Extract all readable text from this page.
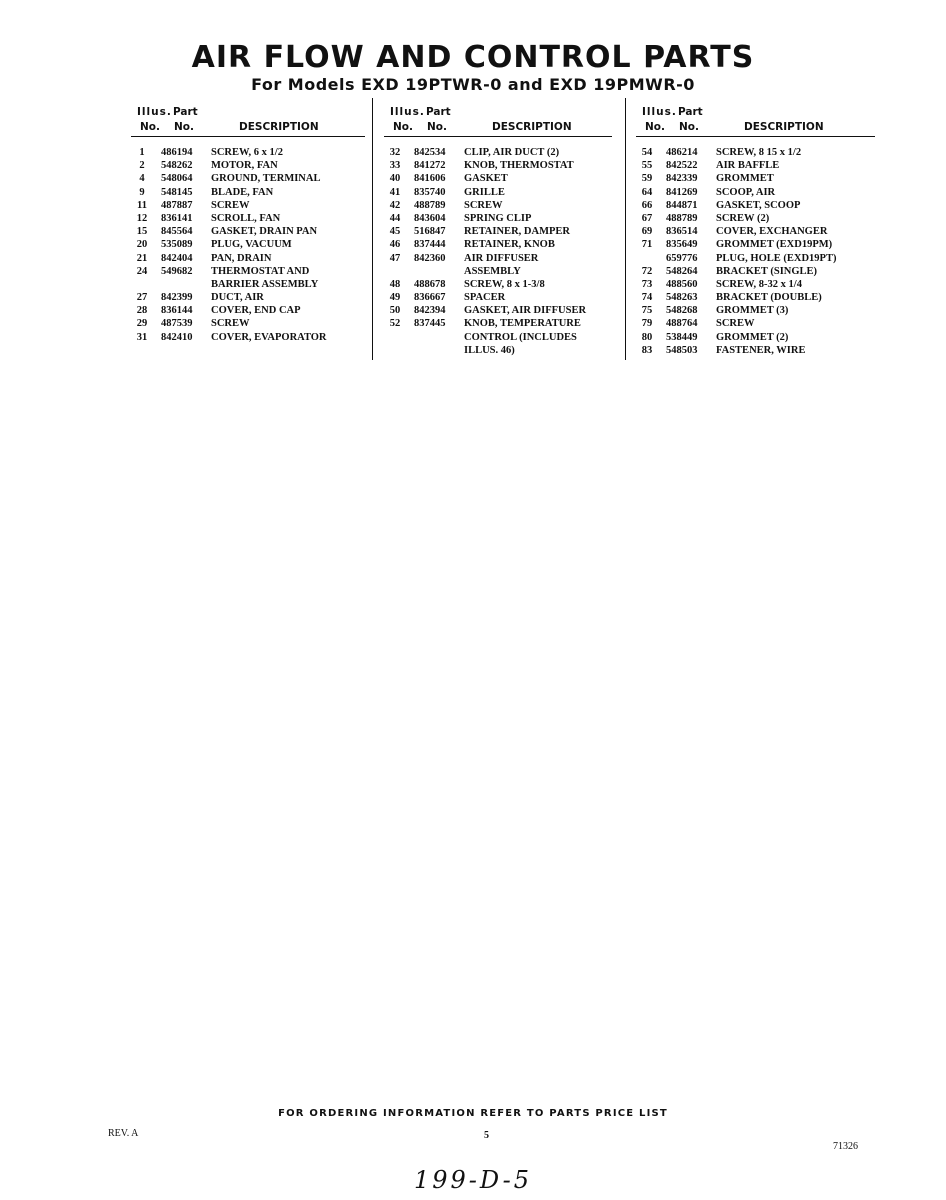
AIR FLOW AND CONTROL PARTS
For Models EXD 19PTWR-0 and EXD 19PMWR-0
Illus. Part
No. No.	DESCRIPTION
1	486194 SCREW, 6 x 1/2
2	548262 MOTOR, FAN
4	548064 GROUND, TERMINAL
9	548145 BLADE, FAN
11	487887 SCREW
12	836141 SCROLL, FAN
15	845564 GASKET, DRAIN PAN
20	535089 PLUG, VACUUM
21	842404 PAN, DRAIN
24	549682 THERMOSTAT AND
BARRIER ASSEMBLY
27	842399 DUCT, AIR
28	836144 COVER, END CAP
29	487539 SCREW
31	842410 COVER, EVAPORATOR
Illus. Part
No. No.	DESCRIPTION
32	842534 CLIP, AIR DUCT (2)
33	841272 KNOB, THERMOSTAT
40	841606 GASKET
41	835740 GRILLE
42	488789 SCREW
44	843604 SPRING CLIP
45	516847 RETAINER, DAMPER
46	837444 RETAINER, KNOB
47	842360 AIR DIFFUSER
ASSEMBLY
48	488678 SCREW, 8 x 1-3/8
49	836667 SPACER
50	842394 GASKET, AIR DIFFUSER
52	837445 KNOB, TEMPERATURE
CONTROL (INCLUDES
ILLUS. 46)
Illus. Part
No. No.	DESCRIPTION
54	486214 SCREW, 8 15 x 1/2
55	842522 AIR BAFFLE
59	842339 GROMMET
64	841269 SCOOP, AIR
66	844871 GASKET, SCOOP
67	488789 SCREW (2)
69	836514 COVER, EXCHANGER
71	835649 GROMMET (EXD19PM)
659776 PLUG, HOLE (EXD19PT)
72	548264 BRACKET (SINGLE)
73	488560 SCREW, 8-32 x 1/4
74	548263 BRACKET (DOUBLE)
75	548268 GROMMET (3)
79	488764 SCREW
80	538449 GROMMET (2)
83	548503 FASTENER, WIRE
FOR ORDERING INFORMATION REFER TO PARTS PRICE LIST
REV. A	5
71326
199-D-5
